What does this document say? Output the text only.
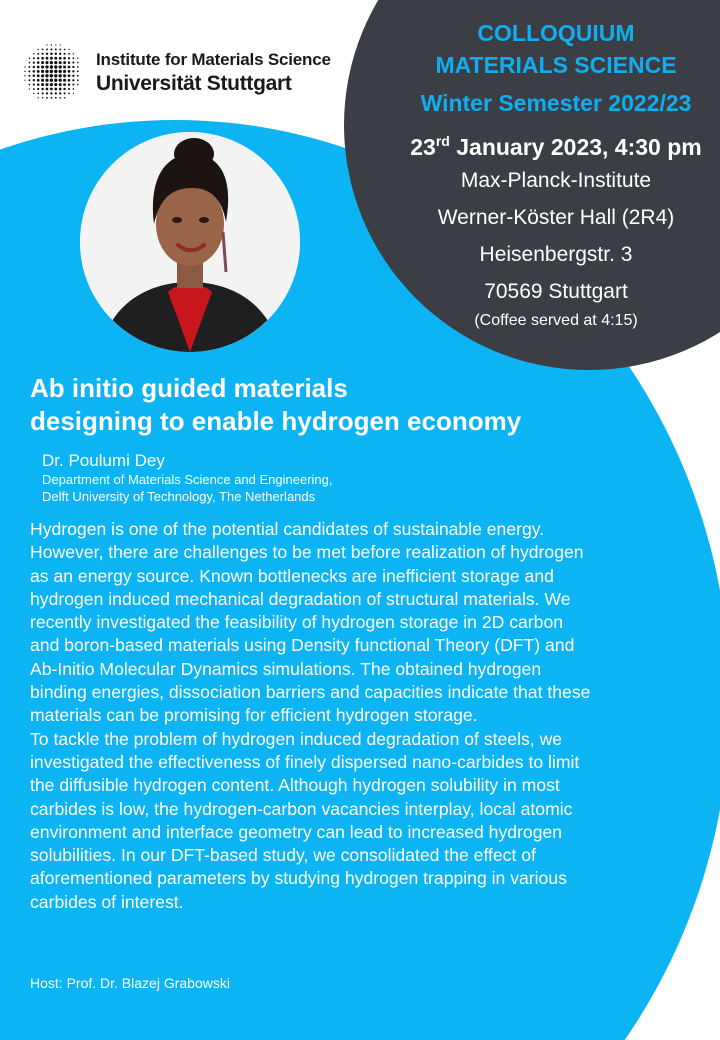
Institute for Materials Science
Universität Stuttgart
COLLOQUIUM
MATERIALS SCIENCE
Winter Semester 2022/23
23rd January 2023, 4:30 pm
Max-Planck-Institute
Werner-Köster Hall (2R4)
Heisenbergstr. 3
70569 Stuttgart
(Coffee served at 4:15)
Ab initio guided materials
designing to enable hydrogen economy
Dr. Poulumi Dey
Department of Materials Science and Engineering,
Delft University of Technology, The Netherlands
Hydrogen is one of the potential candidates of sustainable energy.
However, there are challenges to be met before realization of hydrogen
as an energy source. Known bottlenecks are inefficient storage and
hydrogen induced mechanical degradation of structural materials. We
recently investigated the feasibility of hydrogen storage in 2D carbon
and boron-based materials using Density functional Theory (DFT) and
Ab-Initio Molecular Dynamics simulations. The obtained hydrogen
binding energies, dissociation barriers and capacities indicate that these
materials can be promising for efficient hydrogen storage.
To tackle the problem of hydrogen induced degradation of steels, we
investigated the effectiveness of finely dispersed nano-carbides to limit
the diffusible hydrogen content. Although hydrogen solubility in most
carbides is low, the hydrogen-carbon vacancies interplay, local atomic
environment and interface geometry can lead to increased hydrogen
solubilities. In our DFT-based study, we consolidated the effect of
aforementioned parameters by studying hydrogen trapping in various
carbides of interest.
Host: Prof. Dr. Blazej Grabowski
